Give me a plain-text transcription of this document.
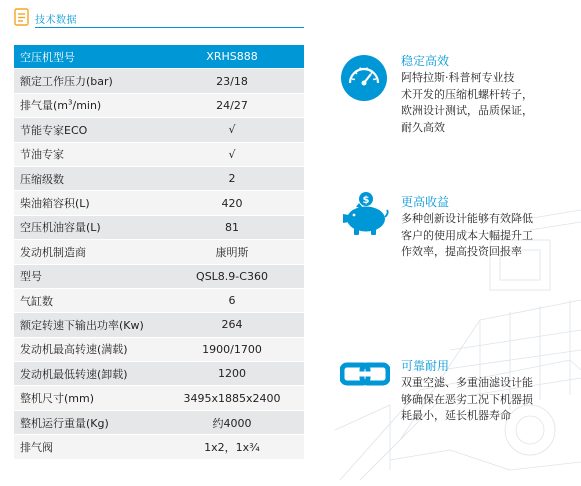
技术数据
空压机型号	XRHS888
额定工作压力(bar)	23/18
排气量$(m^3/\min)$	24/27
节能专家ECO	√
节油专家	√
压缩级数	2
柴油箱容积(L)	420
空压机油容量(L)	81
发动机制造商	康明斯
型号	QSL8.9-C360
气缸数	6
额定转速下输出功率(Kw)	264
发动机最高转速(满载)	1900/1700
发动机最低转速(卸载)	1200
整机尺寸(mm)	3495x1885x2400
整机运行重量(Kg)	约4000
排气阀	1x2，1x¾
稳定高效
阿特拉斯·科普柯专业技
术开发的压缩机螺杆转子，
欧洲设计测试，品质保证，
耐久高效
$	更高收益
多种创新设计能够有效降低
客户的使用成本大幅提升工
作效率，提高投资回报率
可靠耐用
双重空滤、多重油滤设计能
够确保在恶劣工况下机器损
耗最小，延长机器寿命
